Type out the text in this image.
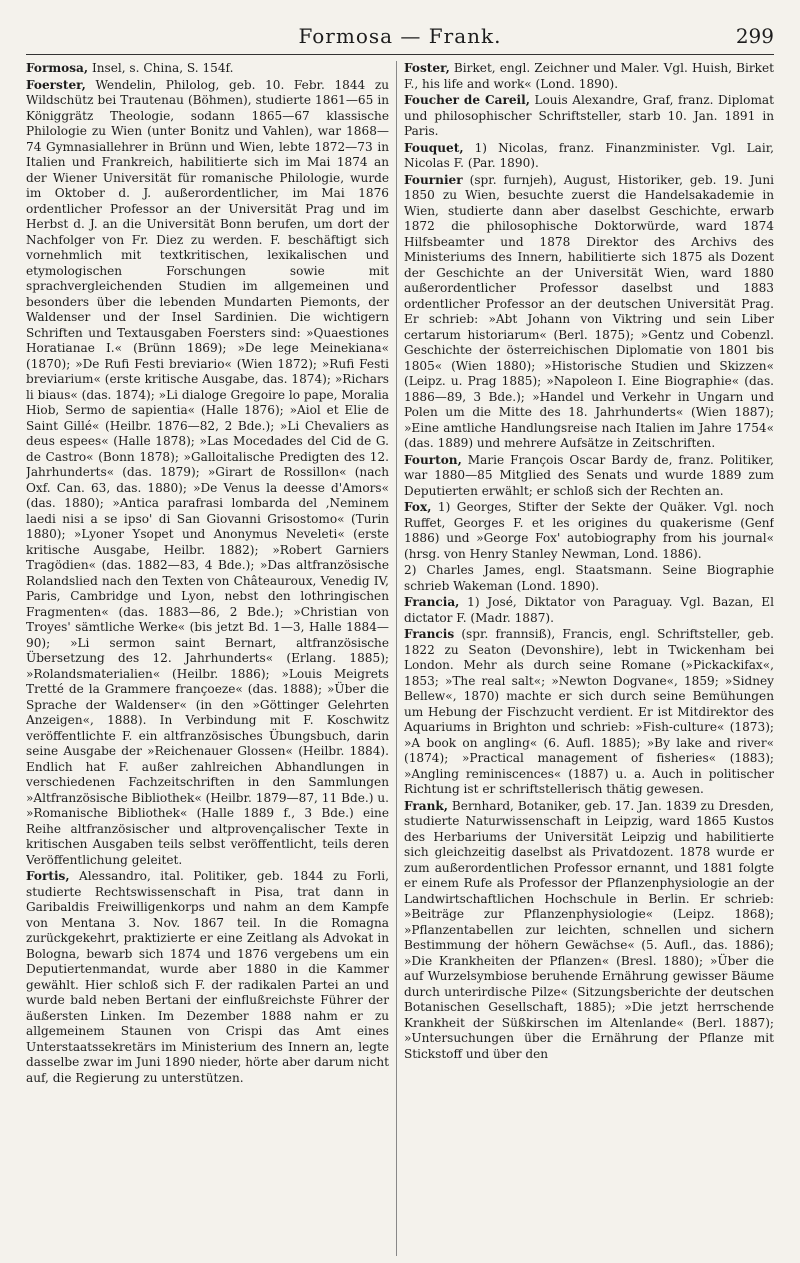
Formosa — Frank.	299

Formosa, Insel, s. China, S. 154f.

Foerster, Wendelin, Philolog, geb. 10. Febr. 1844 zu Wildschütz bei Trautenau (Böhmen), studierte 1861—65 in Königgrätz Theologie, sodann 1865—67 klassische Philologie zu Wien (unter Bonitz und Vahlen), war 1868—74 Gymnasiallehrer in Brünn und Wien, lebte 1872—73 in Italien und Frankreich, habilitierte sich im Mai 1874 an der Wiener Universität für romanische Philologie, wurde im Oktober d. J. außerordentlicher, im Mai 1876 ordentlicher Professor an der Universität Prag und im Herbst d. J. an die Universität Bonn berufen, um dort der Nachfolger von Fr. Diez zu werden. F. beschäftigt sich vornehmlich mit textkritischen, lexikalischen und etymologischen Forschungen sowie mit sprachvergleichenden Studien im allgemeinen und besonders über die lebenden Mundarten Piemonts, der Waldenser und der Insel Sardinien. Die wichtigern Schriften und Textausgaben Foersters sind: »Quaestiones Horatianae I.« (Brünn 1869); »De lege Meinekiana« (1870); »De Rufi Festi breviario« (Wien 1872); »Rufi Festi breviarium« (erste kritische Ausgabe, das. 1874); »Richars li biaus« (das. 1874); »Li dialoge Gregoire lo pape, Moralia Hiob, Sermo de sapientia« (Halle 1876); »Aiol et Elie de Saint Gillé« (Heilbr. 1876—82, 2 Bde.); »Li Chevaliers as deus espees« (Halle 1878); »Las Mocedades del Cid de G. de Castro« (Bonn 1878); »Galloitalische Predigten des 12. Jahrhunderts« (das. 1879); »Girart de Rossillon« (nach Oxf. Can. 63, das. 1880); »De Venus la deesse d'Amors« (das. 1880); »Antica parafrasi lombarda del ‚Neminem laedi nisi a se ipso' di San Giovanni Grisostomo« (Turin 1880); »Lyoner Ysopet und Anonymus Neveleti« (erste kritische Ausgabe, Heilbr. 1882); »Robert Garniers Tragödien« (das. 1882—83, 4 Bde.); »Das altfranzösische Rolandslied nach den Texten von Châteauroux, Venedig IV, Paris, Cambridge und Lyon, nebst den lothringischen Fragmenten« (das. 1883—86, 2 Bde.); »Christian von Troyes' sämtliche Werke« (bis jetzt Bd. 1—3, Halle 1884—90); »Li sermon saint Bernart, altfranzösische Übersetzung des 12. Jahrhunderts« (Erlang. 1885); »Rolandsmaterialien« (Heilbr. 1886); »Louis Meigrets Tretté de la Grammere françoeze« (das. 1888); »Über die Sprache der Waldenser« (in den »Göttinger Gelehrten Anzeigen«, 1888). In Verbindung mit F. Koschwitz veröffentlichte F. ein altfranzösisches Übungsbuch, darin seine Ausgabe der »Reichenauer Glossen« (Heilbr. 1884). Endlich hat F. außer zahlreichen Abhandlungen in verschiedenen Fachzeitschriften in den Sammlungen »Altfranzösische Bibliothek« (Heilbr. 1879—87, 11 Bde.) u. »Romanische Bibliothek« (Halle 1889 f., 3 Bde.) eine Reihe altfranzösischer und altprovençalischer Texte in kritischen Ausgaben teils selbst veröffentlicht, teils deren Veröffentlichung geleitet.

Fortis, Alessandro, ital. Politiker, geb. 1844 zu Forli, studierte Rechtswissenschaft in Pisa, trat dann in Garibaldis Freiwilligenkorps und nahm an dem Kampfe von Mentana 3. Nov. 1867 teil. In die Romagna zurückgekehrt, praktizierte er eine Zeitlang als Advokat in Bologna, bewarb sich 1874 und 1876 vergebens um ein Deputiertenmandat, wurde aber 1880 in die Kammer gewählt. Hier schloß sich F. der radikalen Partei an und wurde bald neben Bertani der einflußreichste Führer der äußersten Linken. Im Dezember 1888 nahm er zu allgemeinem Staunen von Crispi das Amt eines Unterstaatssekretärs im Ministerium des Innern an, legte dasselbe zwar im Juni 1890 nieder, hörte aber darum nicht auf, die Regierung zu unterstützen.

Foster, Birket, engl. Zeichner und Maler. Vgl. Huish, Birket F., his life and work« (Lond. 1890).

Foucher de Careil, Louis Alexandre, Graf, franz. Diplomat und philosophischer Schriftsteller, starb 10. Jan. 1891 in Paris.

Fouquet, 1) Nicolas, franz. Finanzminister. Vgl. Lair, Nicolas F. (Par. 1890).

Fournier (spr. furnjeh), August, Historiker, geb. 19. Juni 1850 zu Wien, besuchte zuerst die Handelsakademie in Wien, studierte dann aber daselbst Geschichte, erwarb 1872 die philosophische Doktorwürde, ward 1874 Hilfsbeamter und 1878 Direktor des Archivs des Ministeriums des Innern, habilitierte sich 1875 als Dozent der Geschichte an der Universität Wien, ward 1880 außerordentlicher Professor daselbst und 1883 ordentlicher Professor an der deutschen Universität Prag. Er schrieb: »Abt Johann von Viktring und sein Liber certarum historiarum« (Berl. 1875); »Gentz und Cobenzl. Geschichte der österreichischen Diplomatie von 1801 bis 1805« (Wien 1880); »Historische Studien und Skizzen« (Leipz. u. Prag 1885); »Napoleon I. Eine Biographie« (das. 1886—89, 3 Bde.); »Handel und Verkehr in Ungarn und Polen um die Mitte des 18. Jahrhunderts« (Wien 1887); »Eine amtliche Handlungsreise nach Italien im Jahre 1754« (das. 1889) und mehrere Aufsätze in Zeitschriften.

Fourton, Marie François Oscar Bardy de, franz. Politiker, war 1880—85 Mitglied des Senats und wurde 1889 zum Deputierten erwählt; er schloß sich der Rechten an.

Fox, 1) Georges, Stifter der Sekte der Quäker. Vgl. noch Ruffet, Georges F. et les origines du quakerisme (Genf 1886) und »George Fox' autobiography from his journal« (hrsg. von Henry Stanley Newman, Lond. 1886).

2) Charles James, engl. Staatsmann. Seine Biographie schrieb Wakeman (Lond. 1890).

Francia, 1) José, Diktator von Paraguay. Vgl. Bazan, El dictator F. (Madr. 1887).

Francis (spr. frannsiß), Francis, engl. Schriftsteller, geb. 1822 zu Seaton (Devonshire), lebt in Twickenham bei London. Mehr als durch seine Romane (»Pickackifax«, 1853; »The real salt«; »Newton Dogvane«, 1859; »Sidney Bellew«, 1870) machte er sich durch seine Bemühungen um Hebung der Fischzucht verdient. Er ist Mitdirektor des Aquariums in Brighton und schrieb: »Fish-culture« (1873); »A book on angling« (6. Aufl. 1885); »By lake and river« (1874); »Practical management of fisheries« (1883); »Angling reminiscences« (1887) u. a. Auch in politischer Richtung ist er schriftstellerisch thätig gewesen.

Frank, Bernhard, Botaniker, geb. 17. Jan. 1839 zu Dresden, studierte Naturwissenschaft in Leipzig, ward 1865 Kustos des Herbariums der Universität Leipzig und habilitierte sich gleichzeitig daselbst als Privatdozent. 1878 wurde er zum außerordentlichen Professor ernannt, und 1881 folgte er einem Rufe als Professor der Pflanzenphysiologie an der Landwirtschaftlichen Hochschule in Berlin. Er schrieb: »Beiträge zur Pflanzenphysiologie« (Leipz. 1868); »Pflanzentabellen zur leichten, schnellen und sichern Bestimmung der höhern Gewächse« (5. Aufl., das. 1886); »Die Krankheiten der Pflanzen« (Bresl. 1880); »Über die auf Wurzelsymbiose beruhende Ernährung gewisser Bäume durch unterirdische Pilze« (Sitzungsberichte der deutschen Botanischen Gesellschaft, 1885); »Die jetzt herrschende Krankheit der Süßkirschen im Altenlande« (Berl. 1887); »Untersuchungen über die Ernährung der Pflanze mit Stickstoff und über den
